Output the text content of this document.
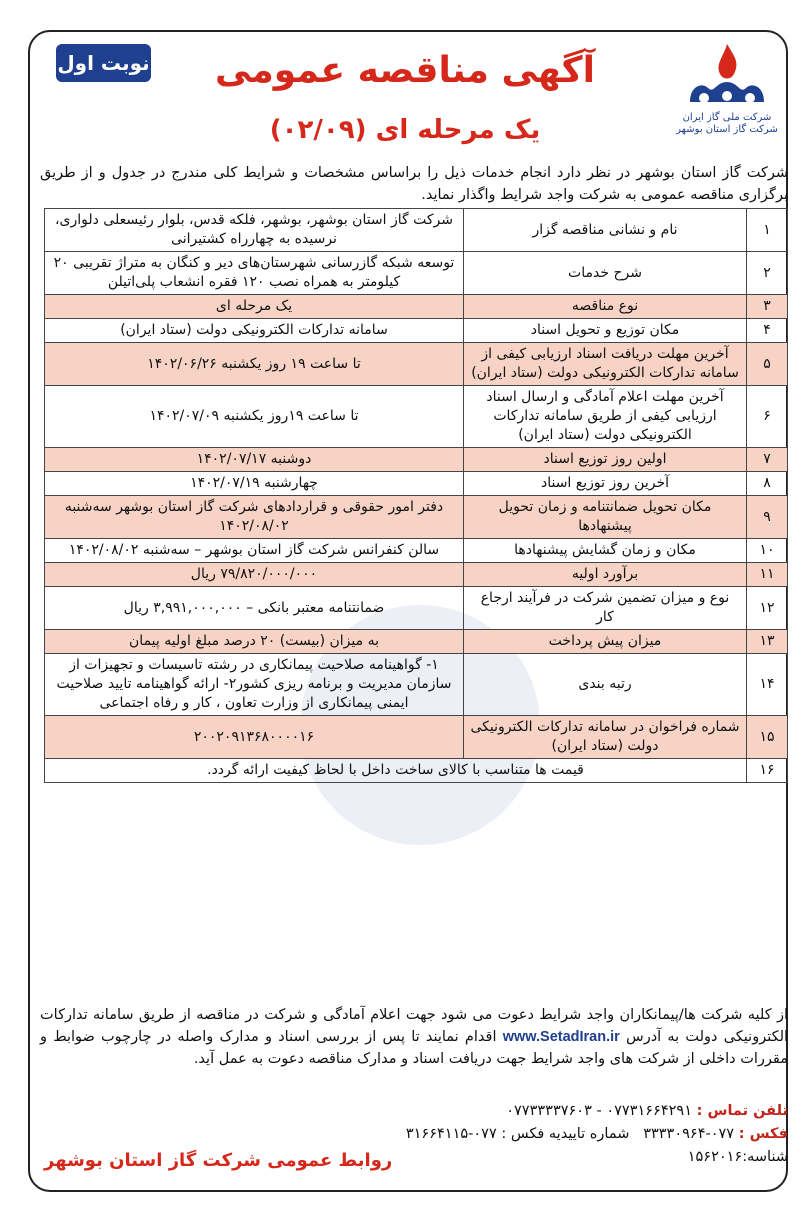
نوبت اول	آگهی مناقصه عمومی
یک مرحله ای (۰۲/۰۹)	شرکت ملی گاز ایران
شرکت گاز استان بوشهر
شرکت گاز استان بوشهر در نظر دارد انجام خدمات ذیل را براساس مشخصات و شرایط کلی مندرج در جدول و از طریق برگزاری مناقصه عمومی به شرکت واجد شرایط واگذار نماید.
۱	نام و نشانی مناقصه گزار	شرکت گاز استان بوشهر، بوشهر، فلکه قدس، بلوار رئیسعلی دلواری، نرسیده به چهارراه کشتیرانی
۲	شرح خدمات	توسعه شبکه گازرسانی شهرستان‌های دیر و کنگان به متراژ تقریبی ۲۰ کیلومتر به همراه نصب ۱۲۰ فقره انشعاب پلی‌اتیلن
۳	نوع مناقصه	یک مرحله ای
۴	مکان توزیع و تحویل اسناد	سامانه تدارکات الکترونیکی دولت (ستاد ایران)
۵	آخرین مهلت دریافت اسناد ارزیابی کیفی از سامانه تدارکات الکترونیکی دولت (ستاد ایران)	تا ساعت ۱۹ روز یکشنبه ۱۴۰۲/۰۶/۲۶
۶	آخرین مهلت اعلام آمادگی و ارسال اسناد ارزیابی کیفی از طریق سامانه تدارکات الکترونیکی دولت (ستاد ایران)	تا ساعت ۱۹روز یکشنبه ۱۴۰۲/۰۷/۰۹
۷	اولین روز توزیع اسناد	دوشنبه ۱۴۰۲/۰۷/۱۷
۸	آخرین روز توزیع اسناد	چهارشنبه ۱۴۰۲/۰۷/۱۹
۹	مکان تحویل ضمانتنامه و زمان تحویل پیشنهادها	دفتر امور حقوقی و قراردادهای شرکت گاز استان بوشهر سه‌شنبه ۱۴۰۲/۰۸/۰۲
۱۰	مکان و زمان گشایش پیشنهادها	سالن کنفرانس شرکت گاز استان بوشهر – سه‌شنبه ۱۴۰۲/۰۸/۰۲
۱۱	برآورد اولیه	۷۹/۸۲۰/۰۰۰/۰۰۰ ریال
۱۲	نوع و میزان تضمین شرکت در فرآیند ارجاع کار	ضمانتنامه معتبر بانکی – ۳,۹۹۱,۰۰۰,۰۰۰ ریال
۱۳	میزان پیش پرداخت	به میزان (بیست) ۲۰ درصد مبلغ اولیه پیمان
۱۴	رتبه بندی	۱- گواهینامه صلاحیت پیمانکاری در رشته تاسیسات و تجهیزات از سازمان مدیریت و برنامه ریزی کشور۲- ارائه گواهینامه تایید صلاحیت ایمنی پیمانکاری از وزارت تعاون ، کار و رفاه اجتماعی
۱۵	شماره فراخوان در سامانه تدارکات الکترونیکی دولت (ستاد ایران)	۲۰۰۲۰۹۱۳۶۸۰۰۰۰۱۶
۱۶	قیمت ها متناسب با کالای ساخت داخل با لحاظ کیفیت ارائه گردد.	
از کلیه شرکت ها/پیمانکاران واجد شرایط دعوت می شود جهت اعلام آمادگی و شرکت در مناقصه از طریق سامانه تدارکات الکترونیکی دولت به آدرس www.SetadIran.ir اقدام نمایند تا پس از بررسی اسناد و مدارک واصله در چارچوب ضوابط و مقررات داخلی از شرکت های واجد شرایط جهت دریافت اسناد و مدارک مناقصه دعوت به عمل آید.
تلفن تماس : ۰۷۷۳۱۶۶۴۲۹۱ - ۰۷۷۳۳۳۳۷۶۰۳
فکس : ۰۷۷-۳۳۳۳۰۹۶۴   شماره تاییدیه فکس : ۰۷۷-۳۱۶۶۴۱۱۵
شناسه:۱۵۶۲۰۱۶
روابط عمومی شرکت گاز استان بوشهر
